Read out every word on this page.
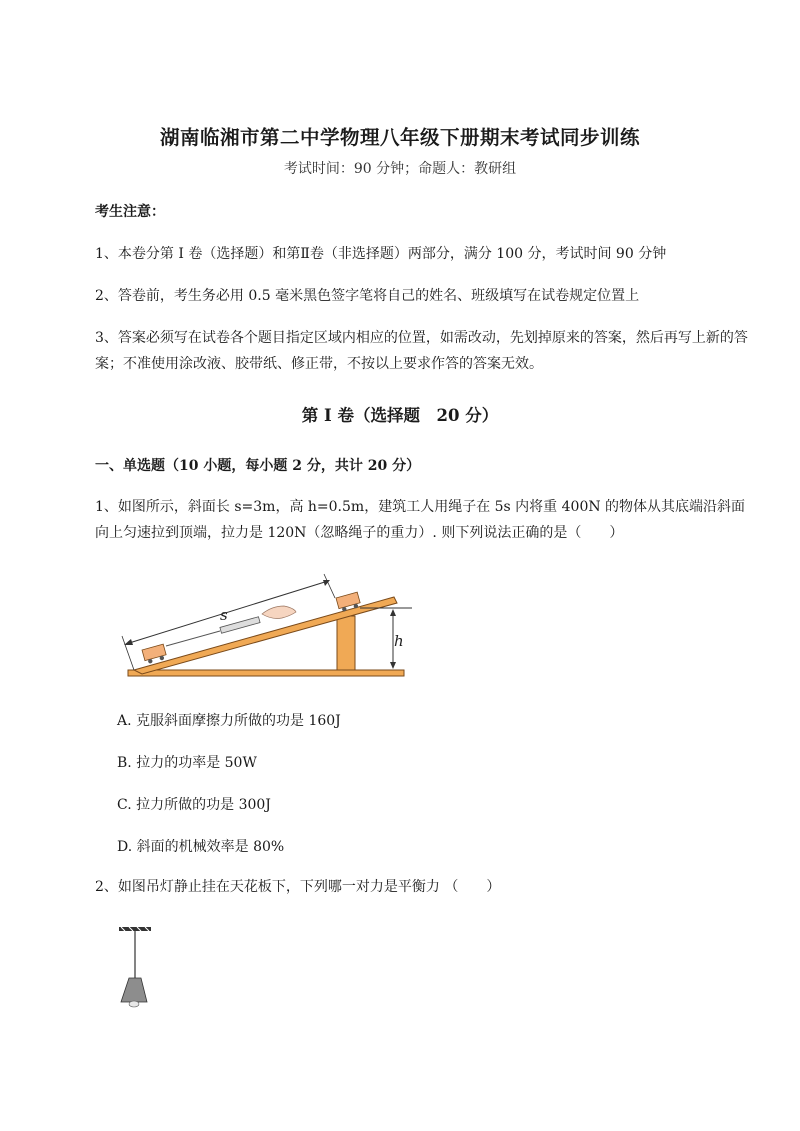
湖南临湘市第二中学物理八年级下册期末考试同步训练
考试时间：90 分钟；命题人：教研组
考生注意：
1、本卷分第 I 卷（选择题）和第Ⅱ卷（非选择题）两部分，满分 100 分，考试时间 90 分钟
2、答卷前，考生务必用 0.5 毫米黑色签字笔将自己的姓名、班级填写在试卷规定位置上
3、答案必须写在试卷各个题目指定区域内相应的位置，如需改动，先划掉原来的答案，然后再写上新的答案；不准使用涂改液、胶带纸、修正带，不按以上要求作答的答案无效。
第 I 卷（选择题　20 分）
一、单选题（10 小题，每小题 2 分，共计 20 分）
1、如图所示，斜面长 s=3m，高 h=0.5m，建筑工人用绳子在 5s 内将重 400N 的物体从其底端沿斜面向上匀速拉到顶端，拉力是 120N（忽略绳子的重力）. 则下列说法正确的是（　　）
h
s
A. 克服斜面摩擦力所做的功是 160J
B. 拉力的功率是 50W
C. 拉力所做的功是 300J
D. 斜面的机械效率是 80%
2、如图吊灯静止挂在天花板下，下列哪一对力是平衡力 （　　）
